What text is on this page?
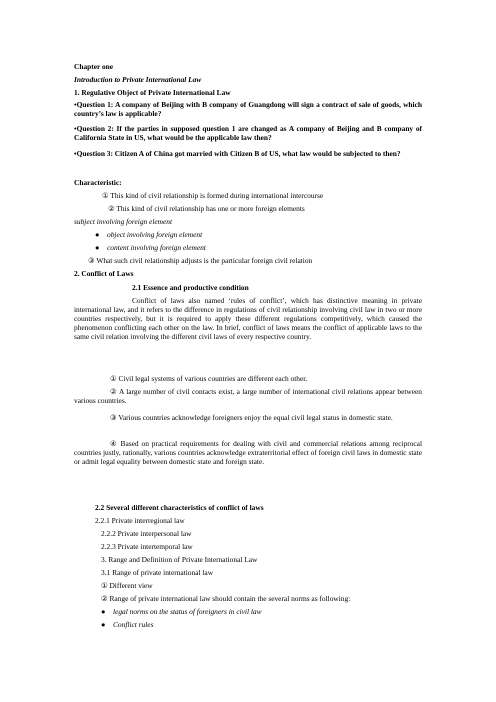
Chapter one
Introduction to Private International Law
1. Regulative Object of Private International Law
•Question 1: A company of Beijing with B company of Guangdong will sign a contract of sale of goods, which country’s law is applicable?
•Question 2: If the parties in supposed question 1 are changed as A company of Beijing and B company of California State in US, what would be the applicable law then?
•Question 3: Citizen A of China got married with Citizen B of US, what law would be subjected to then?
Characteristic:
① This kind of civil relationship is formed during international intercourse
② This kind of civil relationship has one or more foreign elements
subject involving foreign element
● object involving foreign element
● content involving foreign element
③ What such civil relationship adjusts is the particular foreign civil relation
2. Conflict of Laws
2.1 Essence and productive condition
Conflict of laws also named ‘rules of conflict’, which has distinctive meaning in private international law, and it refers to the difference in regulations of civil relationship involving civil law in two or more countries respectively, but it is required to apply these different regulations competitively, which caused the phenomenon conflicting each other on the law. In brief, conflict of laws means the conflict of applicable laws to the same civil relation involving the different civil laws of every respective country.
① Civil legal systems of various countries are different each other.
② A large number of civil contacts exist, a large number of international civil relations appear between various countries.
③ Various countries acknowledge foreigners enjoy the equal civil legal status in domestic state.
④ Based on practical requirements for dealing with civil and commercial relations among reciprocal countries justly, rationally, various countries acknowledge extraterritorial effect of foreign civil laws in domestic state or admit legal equality between domestic state and foreign state.
2.2 Several different characteristics of conflict of laws
2.2.1 Private interregional law
2.2.2 Private interpersonal law
2.2.3 Private intertemporal law
3. Range and Definition of Private International Law
3.1 Range of private international law
① Different view
② Range of private international law should contain the several norms as following:
● legal norms on the status of foreigners in civil law
● Conflict rules
